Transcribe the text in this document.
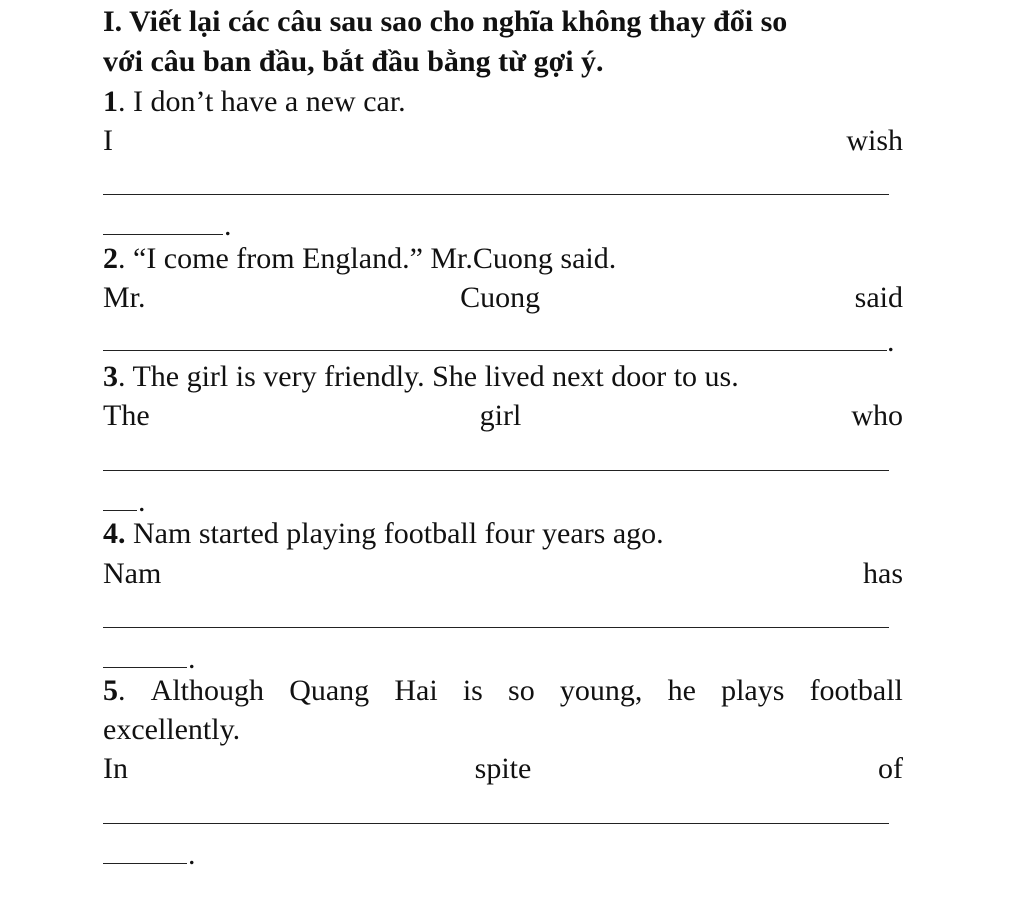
I. Viết lại các câu sau sao cho nghĩa không thay đổi so
với câu ban đầu, bắt đầu bằng từ gợi ý.
1. I don’t have a new car.
I	wish
.
2. “I come from England.” Mr.Cuong said.
Mr.	Cuong	said
.
3. The girl is very friendly. She lived next door to us.
The	girl	who
.
4. Nam started playing football four years ago.
Nam	has
.
5. Although Quang Hai is so young, he plays football
excellently.
In	spite	of
.
